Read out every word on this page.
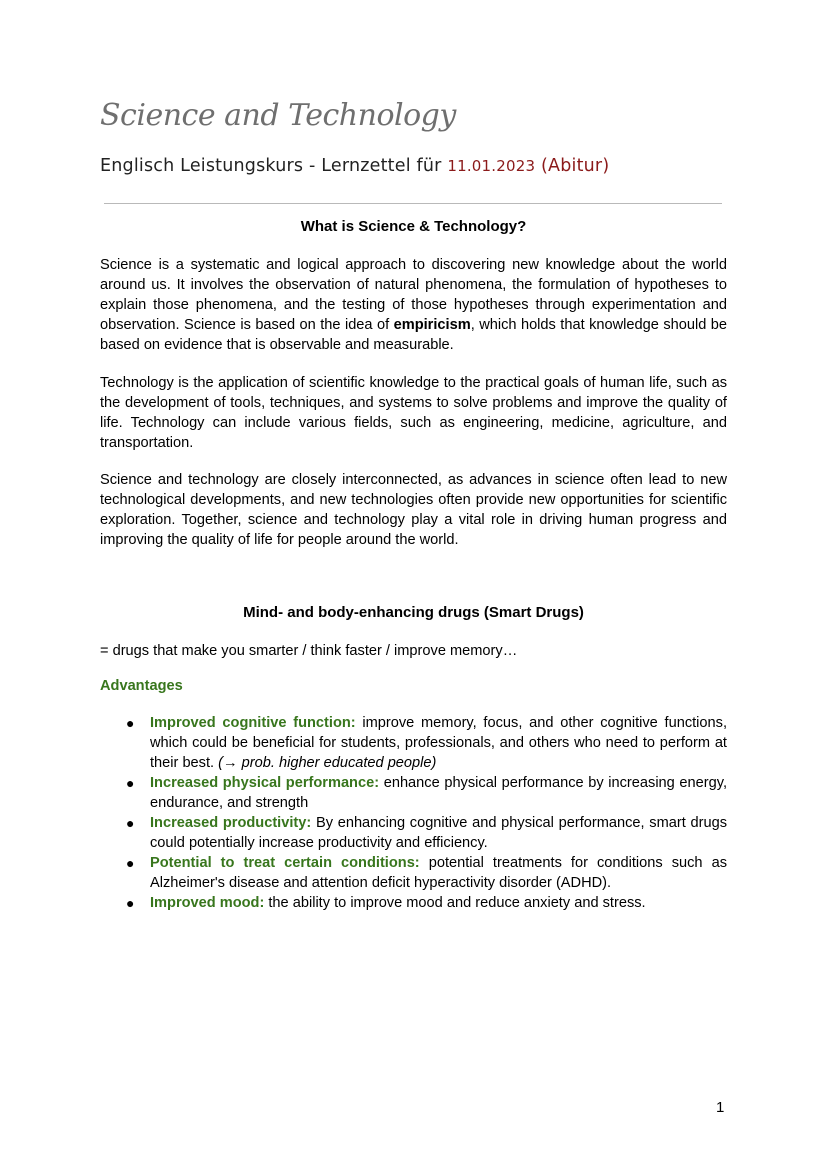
Science and Technology
Englisch Leistungskurs - Lernzettel für 11.01.2023 (Abitur)
What is Science & Technology?

Science is a systematic and logical approach to discovering new knowledge about the world around us. It involves the observation of natural phenomena, the formulation of hypotheses to explain those phenomena, and the testing of those hypotheses through experimentation and observation. Science is based on the idea of empiricism, which holds that knowledge should be based on evidence that is observable and measurable.

Technology is the application of scientific knowledge to the practical goals of human life, such as the development of tools, techniques, and systems to solve problems and improve the quality of life. Technology can include various fields, such as engineering, medicine, agriculture, and transportation.

Science and technology are closely interconnected, as advances in science often lead to new technological developments, and new technologies often provide new opportunities for scientific exploration. Together, science and technology play a vital role in driving human progress and improving the quality of life for people around the world.

Mind- and body-enhancing drugs (Smart Drugs)
= drugs that make you smarter / think faster / improve memory…
Advantages
● Improved cognitive function: improve memory, focus, and other cognitive functions, which could be beneficial for students, professionals, and others who need to perform at their best. (→ prob. higher educated people)
● Increased physical performance: enhance physical performance by increasing energy, endurance, and strength
● Increased productivity: By enhancing cognitive and physical performance, smart drugs could potentially increase productivity and efficiency.
● Potential to treat certain conditions: potential treatments for conditions such as Alzheimer's disease and attention deficit hyperactivity disorder (ADHD).
● Improved mood: the ability to improve mood and reduce anxiety and stress.
1
